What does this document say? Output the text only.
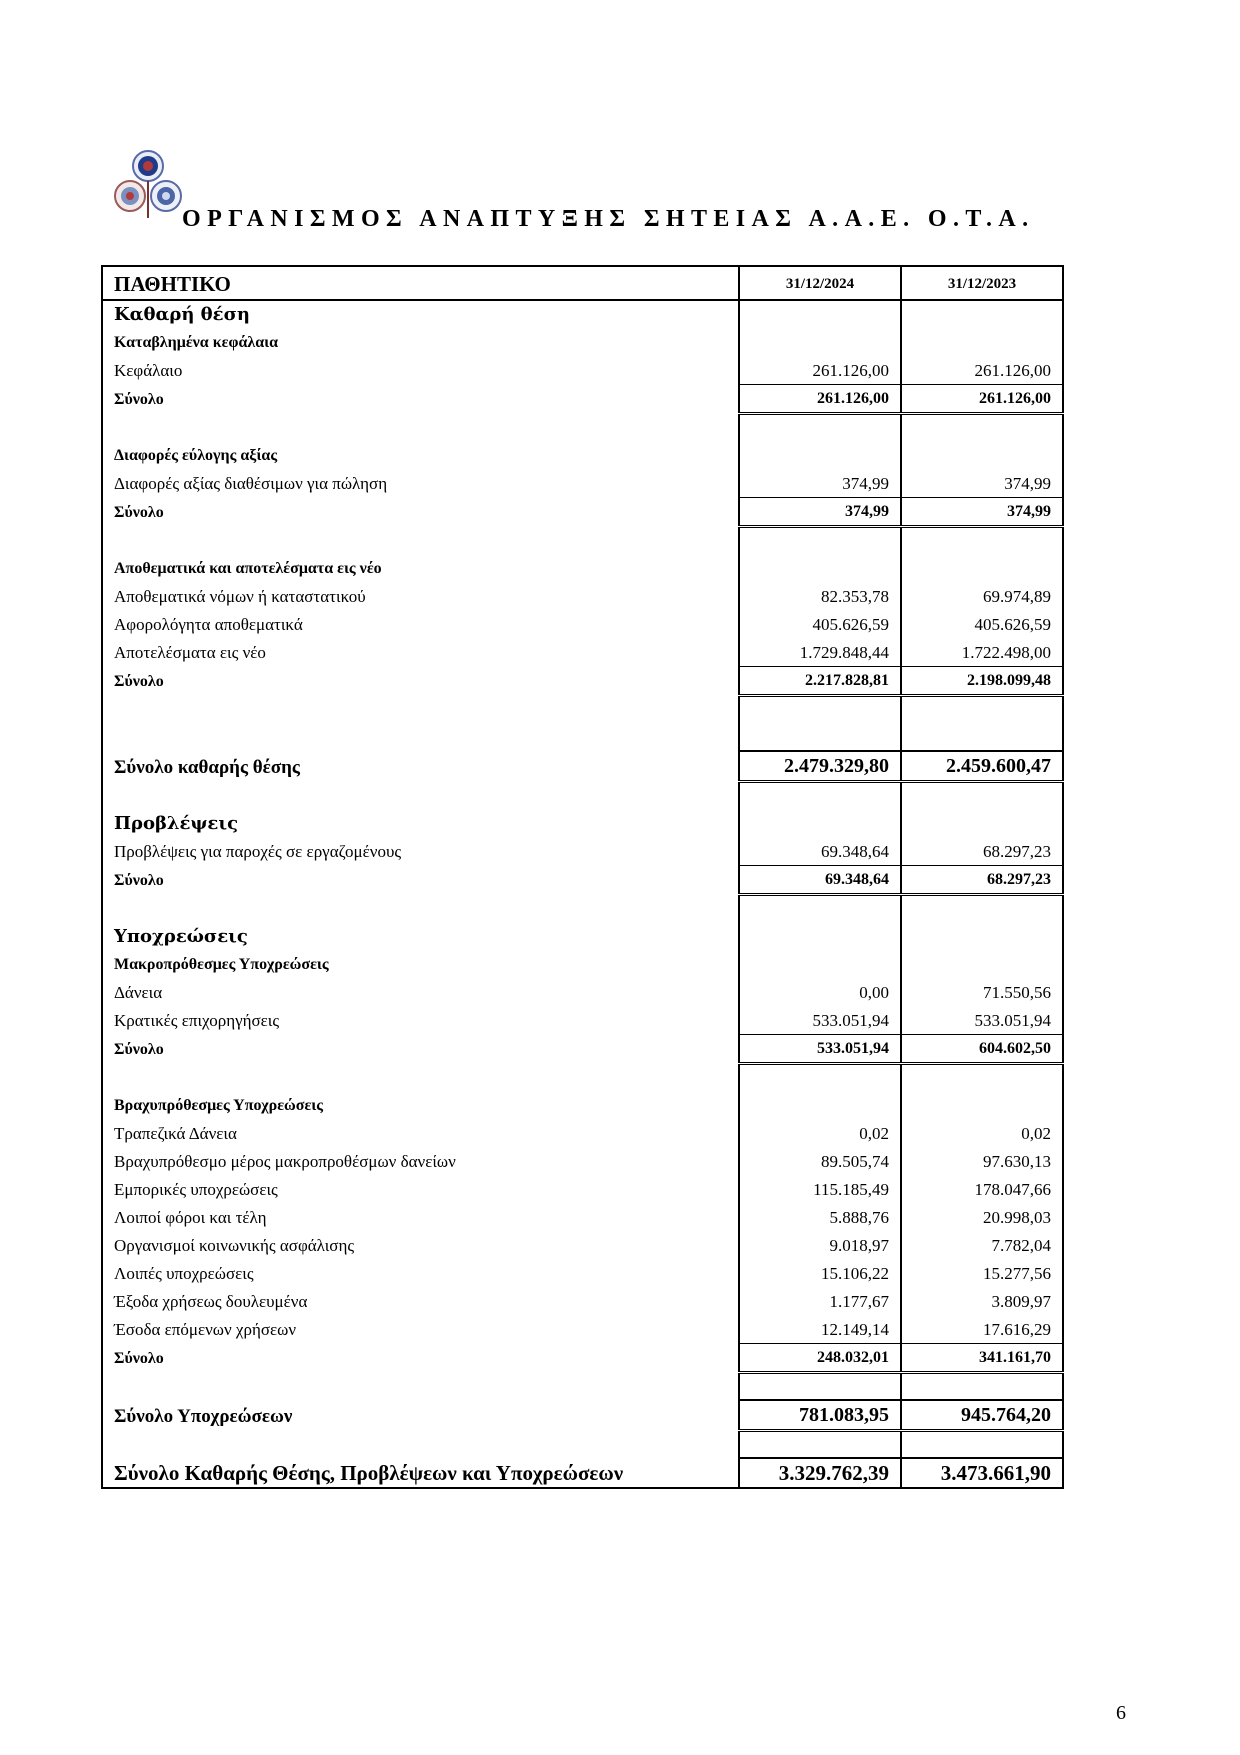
ΟΡΓΑΝΙΣΜΟΣ ΑΝΑΠΤΥΞΗΣ ΣΗΤΕΙΑΣ Α.Α.Ε. Ο.Τ.Α.
ΠΑΘΗΤΙΚΟ	31/12/2024	31/12/2023
Καθαρή θέση		
Καταβλημένα κεφάλαια		
Κεφάλαιο	261.126,00	261.126,00
Σύνολο	261.126,00	261.126,00

Διαφορές εύλογης αξίας		
Διαφορές αξίας διαθέσιμων για πώληση	374,99	374,99
Σύνολο	374,99	374,99

Αποθεματικά και αποτελέσματα εις νέο		
Αποθεματικά νόμων ή καταστατικού	82.353,78	69.974,89
Αφορολόγητα αποθεματικά	405.626,59	405.626,59
Αποτελέσματα εις νέο	1.729.848,44	1.722.498,00
Σύνολο	2.217.828,81	2.198.099,48

Σύνολο καθαρής θέσης	2.479.329,80	2.459.600,47

Προβλέψεις		
Προβλέψεις για παροχές σε εργαζομένους	69.348,64	68.297,23
Σύνολο	69.348,64	68.297,23

Υποχρεώσεις		
Μακροπρόθεσμες Υποχρεώσεις		
Δάνεια	0,00	71.550,56
Κρατικές επιχορηγήσεις	533.051,94	533.051,94
Σύνολο	533.051,94	604.602,50

Βραχυπρόθεσμες Υποχρεώσεις		
Τραπεζικά Δάνεια	0,02	0,02
Βραχυπρόθεσμο μέρος μακροπροθέσμων δανείων	89.505,74	97.630,13
Εμπορικές υποχρεώσεις	115.185,49	178.047,66
Λοιποί φόροι και τέλη	5.888,76	20.998,03
Οργανισμοί κοινωνικής ασφάλισης	9.018,97	7.782,04
Λοιπές υποχρεώσεις	15.106,22	15.277,56
Έξοδα χρήσεως δουλευμένα	1.177,67	3.809,97
Έσοδα επόμενων χρήσεων	12.149,14	17.616,29
Σύνολο	248.032,01	341.161,70

Σύνολο Υποχρεώσεων	781.083,95	945.764,20

Σύνολο Καθαρής Θέσης, Προβλέψεων και Υποχρεώσεων	3.329.762,39	3.473.661,90
6
